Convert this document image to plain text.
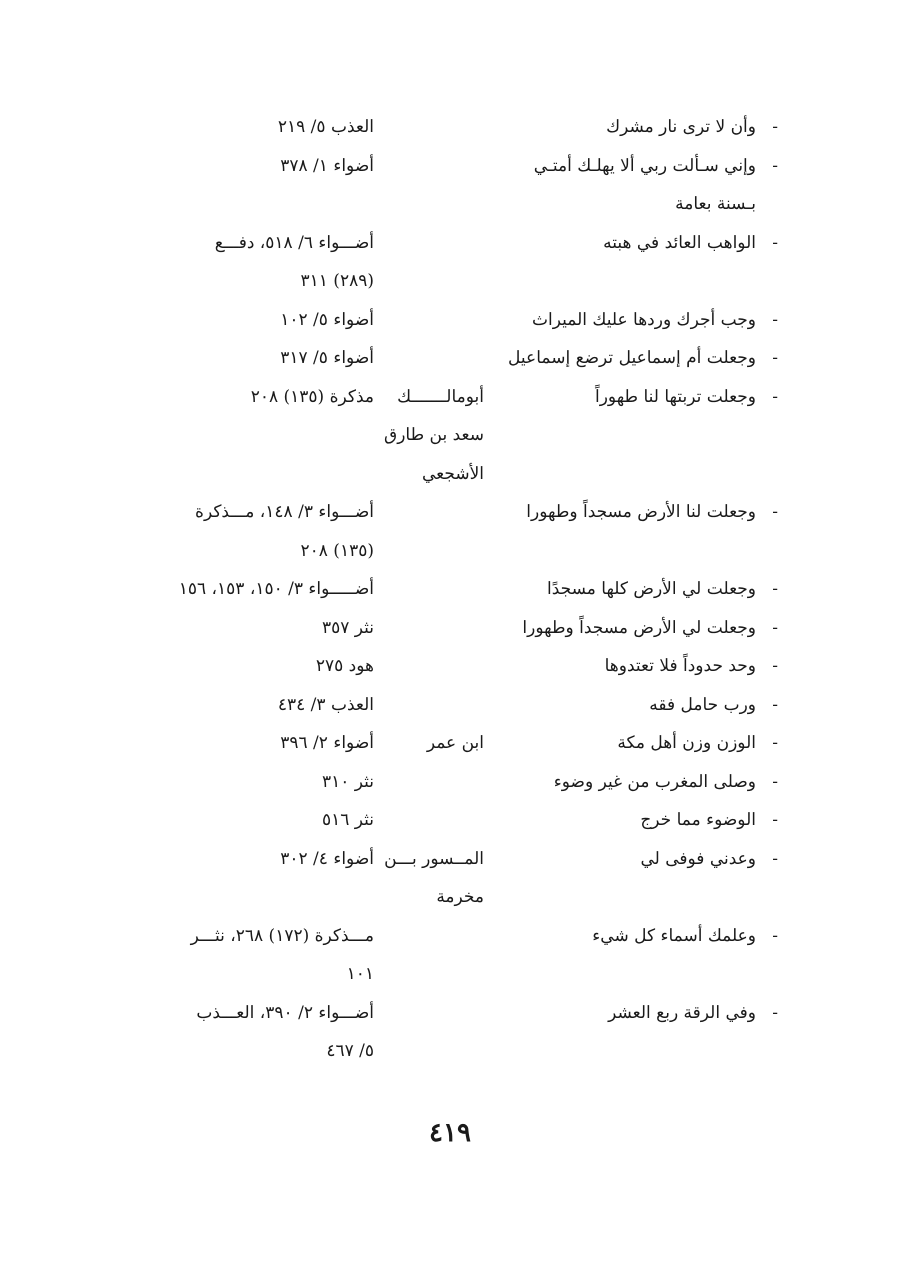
-
وأن لا ترى نار مشرك
العذب ٥/ ٢١٩
-
وإني سـألت ربي ألا يهلـك أمتـي بـسنة بعامة
أضواء ١/ ٣٧٨
-
الواهب العائد في هبته
أضـــواء ٦/ ٥١٨، دفـــع (٢٨٩) ٣١١
-
وجب أجرك وردها عليك الميراث
أضواء ٥/ ١٠٢
-
وجعلت أم إسماعيل ترضع إسماعيل
أضواء ٥/ ٣١٧
-
وجعلت تربتها لنا طهوراً
أبومالـــــــك سعد بن طارق الأشجعي
مذكرة (١٣٥) ٢٠٨
-
وجعلت لنا الأرض مسجداً وطهورا
أضـــواء ٣/ ١٤٨، مـــذكرة (١٣٥) ٢٠٨
-
وجعلت لي الأرض كلها مسجدًا
أضـــــواء ٣/ ١٥٠، ١٥٣، ١٥٦
-
وجعلت لي الأرض مسجداً وطهورا
نثر ٣٥٧
-
وحد حدوداً فلا تعتدوها
هود ٢٧٥
-
ورب حامل فقه
العذب ٣/ ٤٣٤
-
الوزن وزن أهل مكة
ابن عمر
أضواء ٢/ ٣٩٦
-
وصلى المغرب من غير وضوء
نثر ٣١٠
-
الوضوء مما خرج
نثر ٥١٦
-
وعدني فوفى لي
المــسور بـــن مخرمة
أضواء ٤/ ٣٠٢
-
وعلمك أسماء كل شيء
مـــذكرة (١٧٢) ٢٦٨، نثـــر ١٠١
-
وفي الرقة ربع العشر
أضـــواء ٢/ ٣٩٠، العـــذب ٥/ ٤٦٧
٤١٩
